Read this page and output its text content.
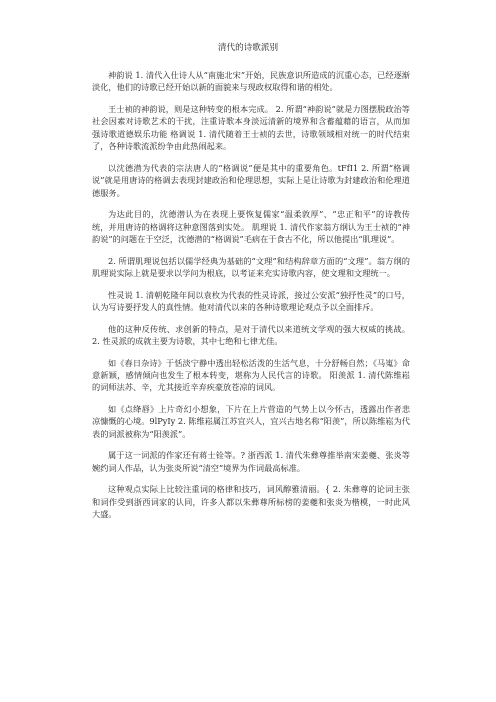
清代的诗歌派别

神韵说 1. 清代入仕诗人从“南施北宋”开始，民族意识所造成的沉重心态，已经逐渐淡化，他们的诗歌已经开始以新的面貌来与现政权取得和谐的相处。

王士祯的神韵说，则是这种转变的根本完成。 2. 所谓“神韵说”就是力图摆脱政治等社会因素对诗歌艺术的干扰，注重诗歌本身淡远清新的境界和含蓄蕴藉的语言，从而加强诗歌道德娱乐功能 格调说 1. 清代随着王士祯的去世，诗歌领域相对统一的时代结束了，各种诗歌流派纷争由此热闹起来。

以沈德潜为代表的宗法唐人的“格调说”便是其中的重要角色。tFfI1 2. 所谓“格调说”就是用唐诗的格调去表现封建政治和伦理思想，实际上是让诗歌为封建政治和伦理道德服务。

为达此目的，沈德潜认为在表现上要恢复儒家“温柔敦厚”、“忠正和平”的诗教传统，并用唐诗的格调将这种意图落到实处。 肌理说 1. 清代作家翁方纲认为王士祯的“神韵说”的问题在于空泛，沈德潜的“格调说”毛病在于食古不化，所以他提出“肌理说”。

2. 所谓肌理说包括以儒学经典为基础的“文理”和结构辞章方面的“文理”。翁方纲的肌理说实际上就是要求以学问为根底，以考证来充实诗歌内容，使文理和文理统一。

性灵说 1. 清朝乾隆年间以袁枚为代表的性灵诗派，接过公安派“独抒性灵”的口号，认为写诗要抒发人的真性情。他对清代以来的各种诗歌理论观点予以全面排斥。

他的这种反传统、求创新的特点，是对于清代以来道统文学观的强大权威的挑战。 2. 性灵派的成就主要为诗歌，其中七绝和七律尤佳。

如《春日杂诗》于恬淡宁静中透出轻松活泼的生活气息，十分舒畅自然；《马嵬》命意新颖，感情倾向也发生了根本转变，堪称为人民代言的诗歌。 阳羡派 1. 清代陈维崧的词师法苏、辛，尤其接近辛弃疾豪放苍凉的词风。

如《点绛唇》上片奇幻小想象，下片在上片营造的气势上以今怀古，透露出作者悲凉慷慨的心境。9lPyIy 2. 陈维崧属江苏宜兴人，宜兴古地名称“阳羡”，所以陈维崧为代表的词派被称为“阳羡派”。

属于这一词派的作家还有蒋士铨等。? 浙西派 1. 清代朱彝尊推举南宋姜夔、张炎等婉约词人作品，认为张炎所说“清空”境界为作词最高标准。

这种观点实际上比较注重词的格律和技巧，词风醇雅清丽。{ 2. 朱彝尊的论词主张和词作受到浙西词家的认同，许多人都以朱彝尊所标榜的姜夔和张炎为楷模，一时此风大盛。
